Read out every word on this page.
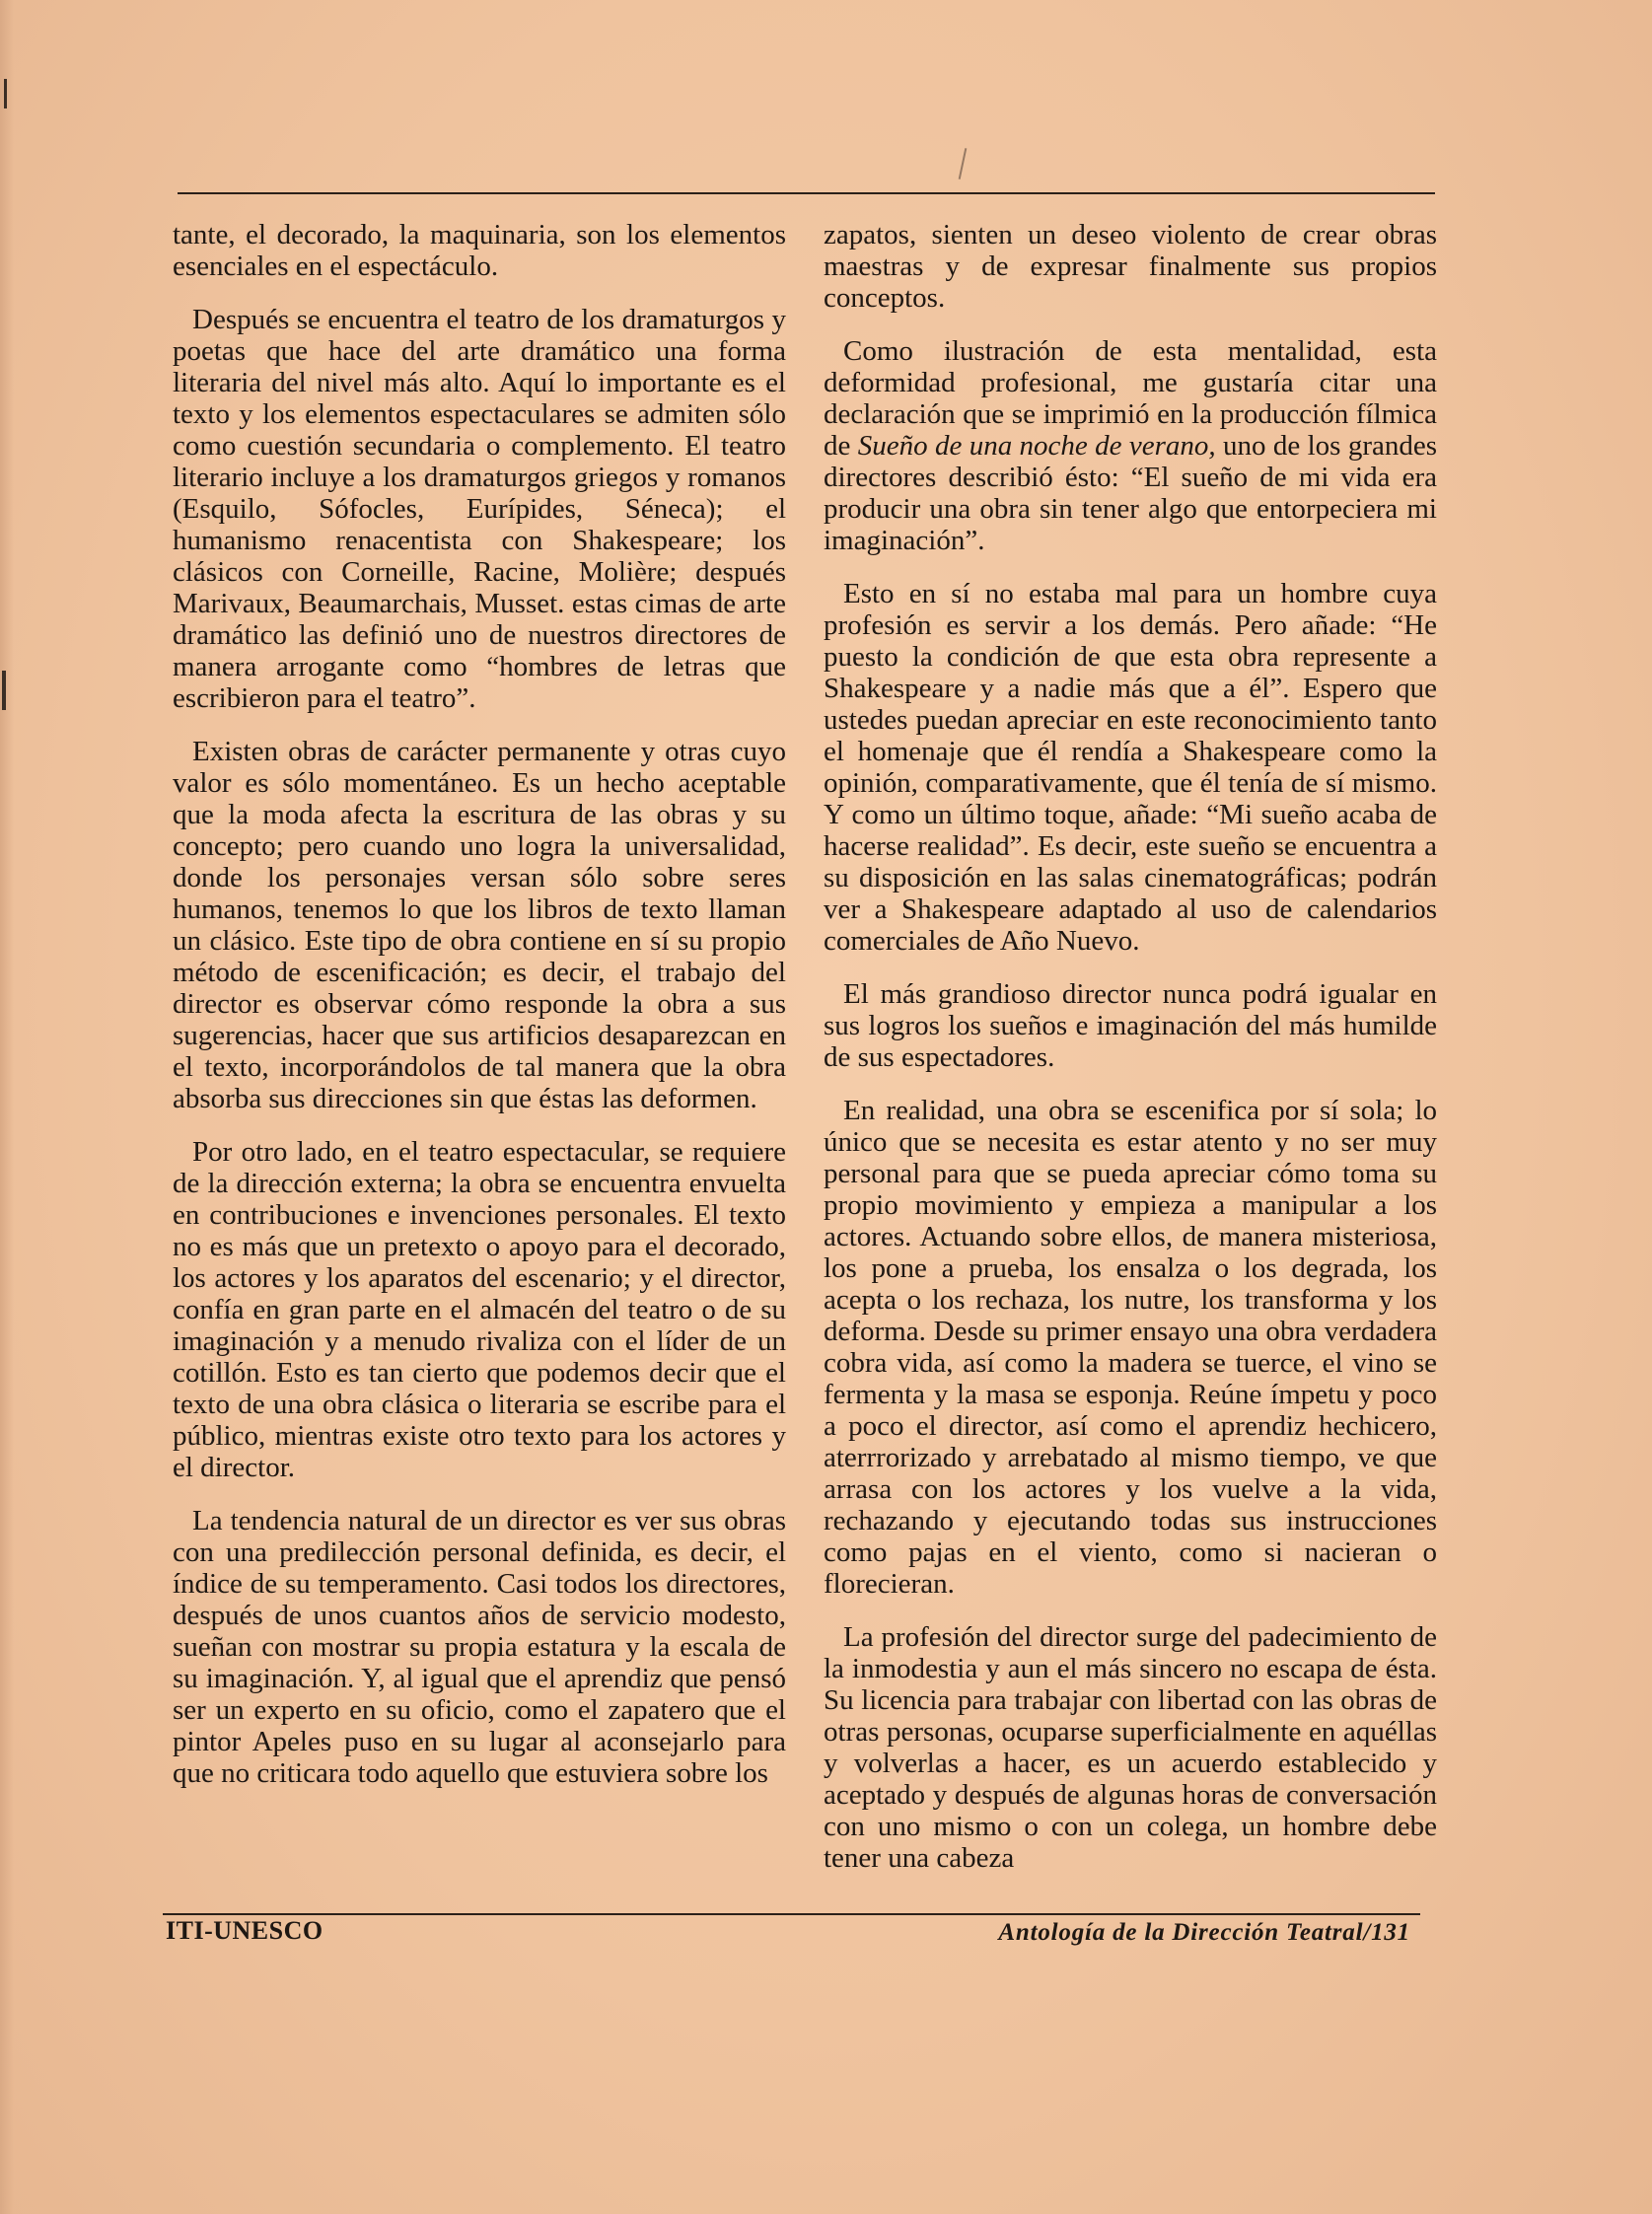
tante, el decorado, la maquinaria, son los elementos esenciales en el espectáculo.

Después se encuentra el teatro de los dramaturgos y poetas que hace del arte dramático una forma literaria del nivel más alto. Aquí lo importante es el texto y los elementos espectaculares se admiten sólo como cuestión secundaria o complemento. El teatro literario incluye a los dramaturgos griegos y romanos (Esquilo, Sófocles, Eurípides, Séneca); el humanismo renacentista con Shakespeare; los clásicos con Corneille, Racine, Molière; después Marivaux, Beaumarchais, Musset. estas cimas de arte dramático las definió uno de nuestros directores de manera arrogante como “hombres de letras que escribieron para el teatro”.

Existen obras de carácter permanente y otras cuyo valor es sólo momentáneo. Es un hecho aceptable que la moda afecta la escritura de las obras y su concepto; pero cuando uno logra la universalidad, donde los personajes versan sólo sobre seres humanos, tenemos lo que los libros de texto llaman un clásico. Este tipo de obra contiene en sí su propio método de escenificación; es decir, el trabajo del director es observar cómo responde la obra a sus sugerencias, hacer que sus artificios desaparezcan en el texto, incorporándolos de tal manera que la obra absorba sus direcciones sin que éstas las deformen.

Por otro lado, en el teatro espectacular, se requiere de la dirección externa; la obra se encuentra envuelta en contribuciones e invenciones personales. El texto no es más que un pretexto o apoyo para el decorado, los actores y los aparatos del escenario; y el director, confía en gran parte en el almacén del teatro o de su imaginación y a menudo rivaliza con el líder de un cotillón. Esto es tan cierto que podemos decir que el texto de una obra clásica o literaria se escribe para el público, mientras existe otro texto para los actores y el director.

La tendencia natural de un director es ver sus obras con una predilección personal definida, es decir, el índice de su temperamento. Casi todos los directores, después de unos cuantos años de servicio modesto, sueñan con mostrar su propia estatura y la escala de su imaginación. Y, al igual que el aprendiz que pensó ser un experto en su oficio, como el zapatero que el pintor Apeles puso en su lugar al aconsejarlo para que no criticara todo aquello que estuviera sobre los

zapatos, sienten un deseo violento de crear obras maestras y de expresar finalmente sus propios conceptos.

Como ilustración de esta mentalidad, esta deformidad profesional, me gustaría citar una declaración que se imprimió en la producción fílmica de Sueño de una noche de verano, uno de los grandes directores describió ésto: “El sueño de mi vida era producir una obra sin tener algo que entorpeciera mi imaginación”.

Esto en sí no estaba mal para un hombre cuya profesión es servir a los demás. Pero añade: “He puesto la condición de que esta obra represente a Shakespeare y a nadie más que a él”. Espero que ustedes puedan apreciar en este reconocimiento tanto el homenaje que él rendía a Shakespeare como la opinión, comparativamente, que él tenía de sí mismo. Y como un último toque, añade: “Mi sueño acaba de hacerse realidad”. Es decir, este sueño se encuentra a su disposición en las salas cinematográficas; podrán ver a Shakespeare adaptado al uso de calendarios comerciales de Año Nuevo.

El más grandioso director nunca podrá igualar en sus logros los sueños e imaginación del más humilde de sus espectadores.

En realidad, una obra se escenifica por sí sola; lo único que se necesita es estar atento y no ser muy personal para que se pueda apreciar cómo toma su propio movimiento y empieza a manipular a los actores. Actuando sobre ellos, de manera misteriosa, los pone a prueba, los ensalza o los degrada, los acepta o los rechaza, los nutre, los transforma y los deforma. Desde su primer ensayo una obra verdadera cobra vida, así como la madera se tuerce, el vino se fermenta y la masa se esponja. Reúne ímpetu y poco a poco el director, así como el aprendiz hechicero, aterrrorizado y arrebatado al mismo tiempo, ve que arrasa con los actores y los vuelve a la vida, rechazando y ejecutando todas sus instrucciones como pajas en el viento, como si nacieran o florecieran.

La profesión del director surge del padecimiento de la inmodestia y aun el más sincero no escapa de ésta. Su licencia para trabajar con libertad con las obras de otras personas, ocuparse superficialmente en aquéllas y volverlas a hacer, es un acuerdo establecido y aceptado y después de algunas horas de conversación con uno mismo o con un colega, un hombre debe tener una cabeza

ITI-UNESCO	Antología de la Dirección Teatral/131
